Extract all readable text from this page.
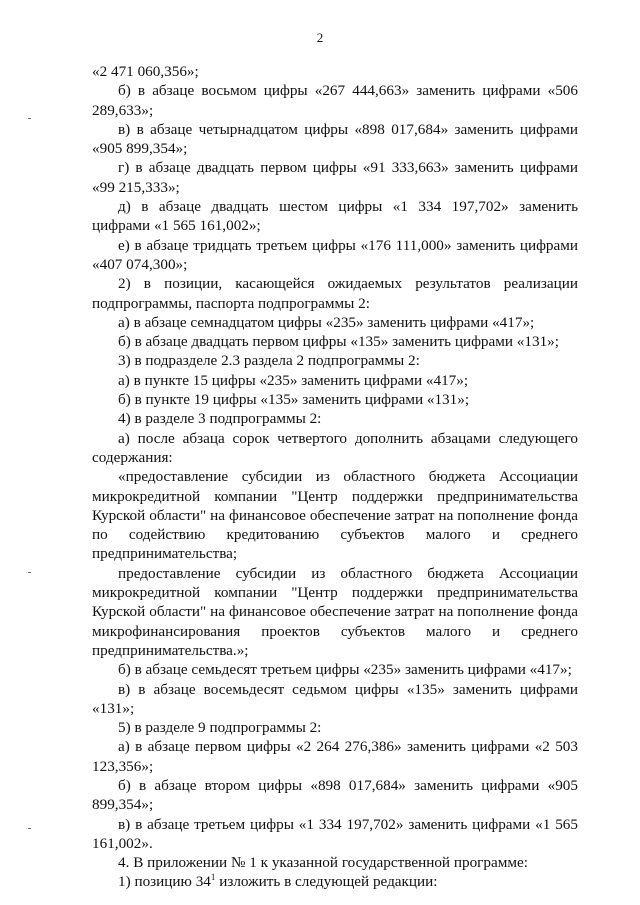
2

«2 471 060,356»;

б) в абзаце восьмом цифры «267 444,663» заменить цифрами «506 289,633»;

в) в абзаце четырнадцатом цифры «898 017,684» заменить цифрами «905 899,354»;

г) в абзаце двадцать первом цифры «91 333,663» заменить цифрами «99 215,333»;

д) в абзаце двадцать шестом цифры «1 334 197,702» заменить цифрами «1 565 161,002»;

е) в абзаце тридцать третьем цифры «176 111,000» заменить цифрами «407 074,300»;

2) в позиции, касающейся ожидаемых результатов реализации подпрограммы, паспорта подпрограммы 2:

а) в абзаце семнадцатом цифры «235» заменить цифрами «417»;

б) в абзаце двадцать первом цифры «135» заменить цифрами «131»;

3) в подразделе 2.3 раздела 2 подпрограммы 2:

а) в пункте 15 цифры «235» заменить цифрами «417»;

б) в пункте 19 цифры «135» заменить цифрами «131»;

4) в разделе 3 подпрограммы 2:

а) после абзаца сорок четвертого дополнить абзацами следующего содержания:

«предоставление субсидии из областного бюджета Ассоциации микрокредитной компании "Центр поддержки предпринимательства Курской области" на финансовое обеспечение затрат на пополнение фонда по содействию кредитованию субъектов малого и среднего предпринимательства;

предоставление субсидии из областного бюджета Ассоциации микрокредитной компании "Центр поддержки предпринимательства Курской области" на финансовое обеспечение затрат на пополнение фонда микрофинансирования проектов субъектов малого и среднего предпринимательства.»;

б) в абзаце семьдесят третьем цифры «235» заменить цифрами «417»;

в) в абзаце восемьдесят седьмом цифры «135» заменить цифрами «131»;

5) в разделе 9 подпрограммы 2:

а) в абзаце первом цифры «2 264 276,386» заменить цифрами «2 503 123,356»;

б) в абзаце втором цифры «898 017,684» заменить цифрами «905 899,354»;

в) в абзаце третьем цифры «1 334 197,702» заменить цифрами «1 565 161,002».

4. В приложении № 1 к указанной государственной программе:

1) позицию $34^1$ изложить в следующей редакции:
